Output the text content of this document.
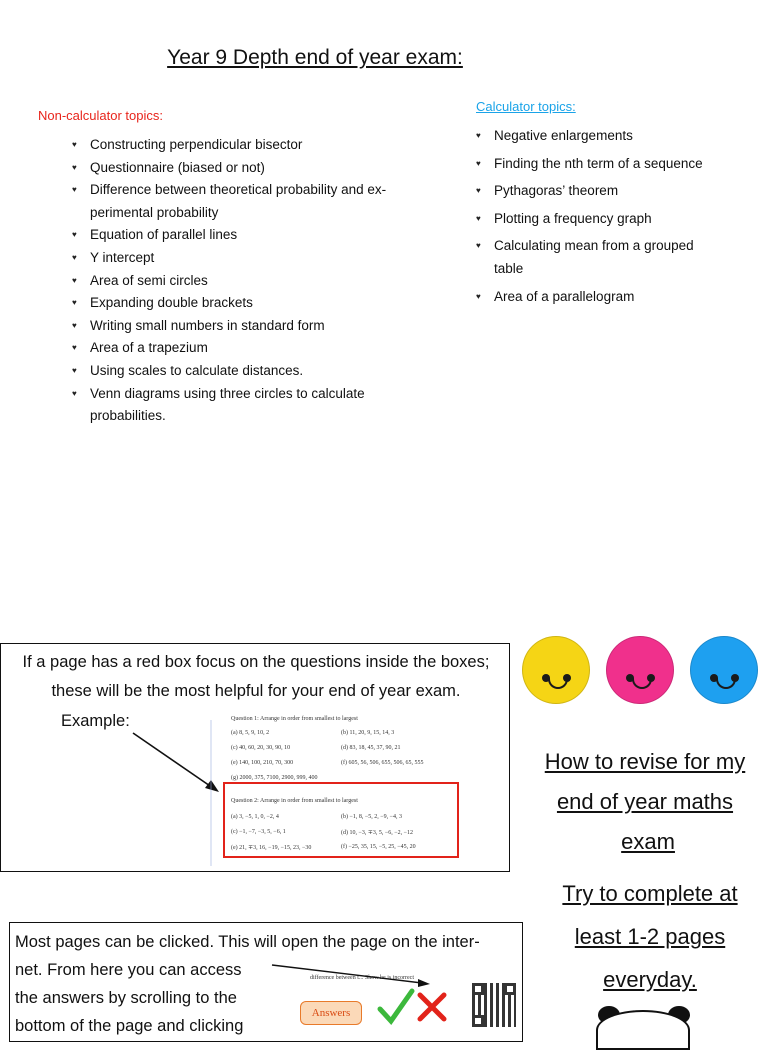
Year 9 Depth end of year exam:
Non-calculator topics:
♥ Constructing perpendicular bisector
♥ Questionnaire (biased or not)
♥ Difference between theoretical probability and ex-
perimental probability
♥ Equation of parallel lines
♥ Y intercept
♥ Area of semi circles
♥ Expanding double brackets
♥ Writing small numbers in standard form
♥ Area of a trapezium
♥ Using scales to calculate distances.
♥ Venn diagrams using three circles to calculate
probabilities.
Calculator topics:
♥ Negative enlargements
♥ Finding the nth term of a sequence
♥ Pythagoras’ theorem
♥ Plotting a frequency graph
♥ Calculating mean from a grouped table
♥ Area of a parallelogram
If a page has a red box focus on the questions inside the boxes;
these will be the most helpful for your end of year exam.
Example:	Question 1: Arrange in order from smallest to largest
(a) 8, 5, 9, 10, 2	(b) 11, 20, 9, 15, 14, 3
(c) 40, 60, 20, 30, 90, 10	(d) 83, 18, 45, 37, 90, 21
(e) 140, 100, 210, 70, 300	(f) 605, 56, 506, 655, 506, 65, 555
(g) 2000, 375, 7100, 2900, 999, 400
Question 2: Arrange in order from smallest to largest
(a) 3, −5, 1, 0, −2, 4	(b) −1, 8, −5, 2, −9, −4, 3
(c) −1, −7, −3, 5, −6, 1	(d) 10, −3, ∓3, 5, −6, −2, −12
(e) 21, ∓3, 16, −19, −15, 23, −30	(f) −25, 35, 15, −5, 25, −45, 20
How to revise for my
end of year maths
exam
Try to complete at
least 1-2 pages
everyday.
Most pages can be clicked. This will open the page on the inter-
net. From here you can access the answers by scrolling to the bottom of the page and clicking
difference between t... Show he is incorrect
Answers
